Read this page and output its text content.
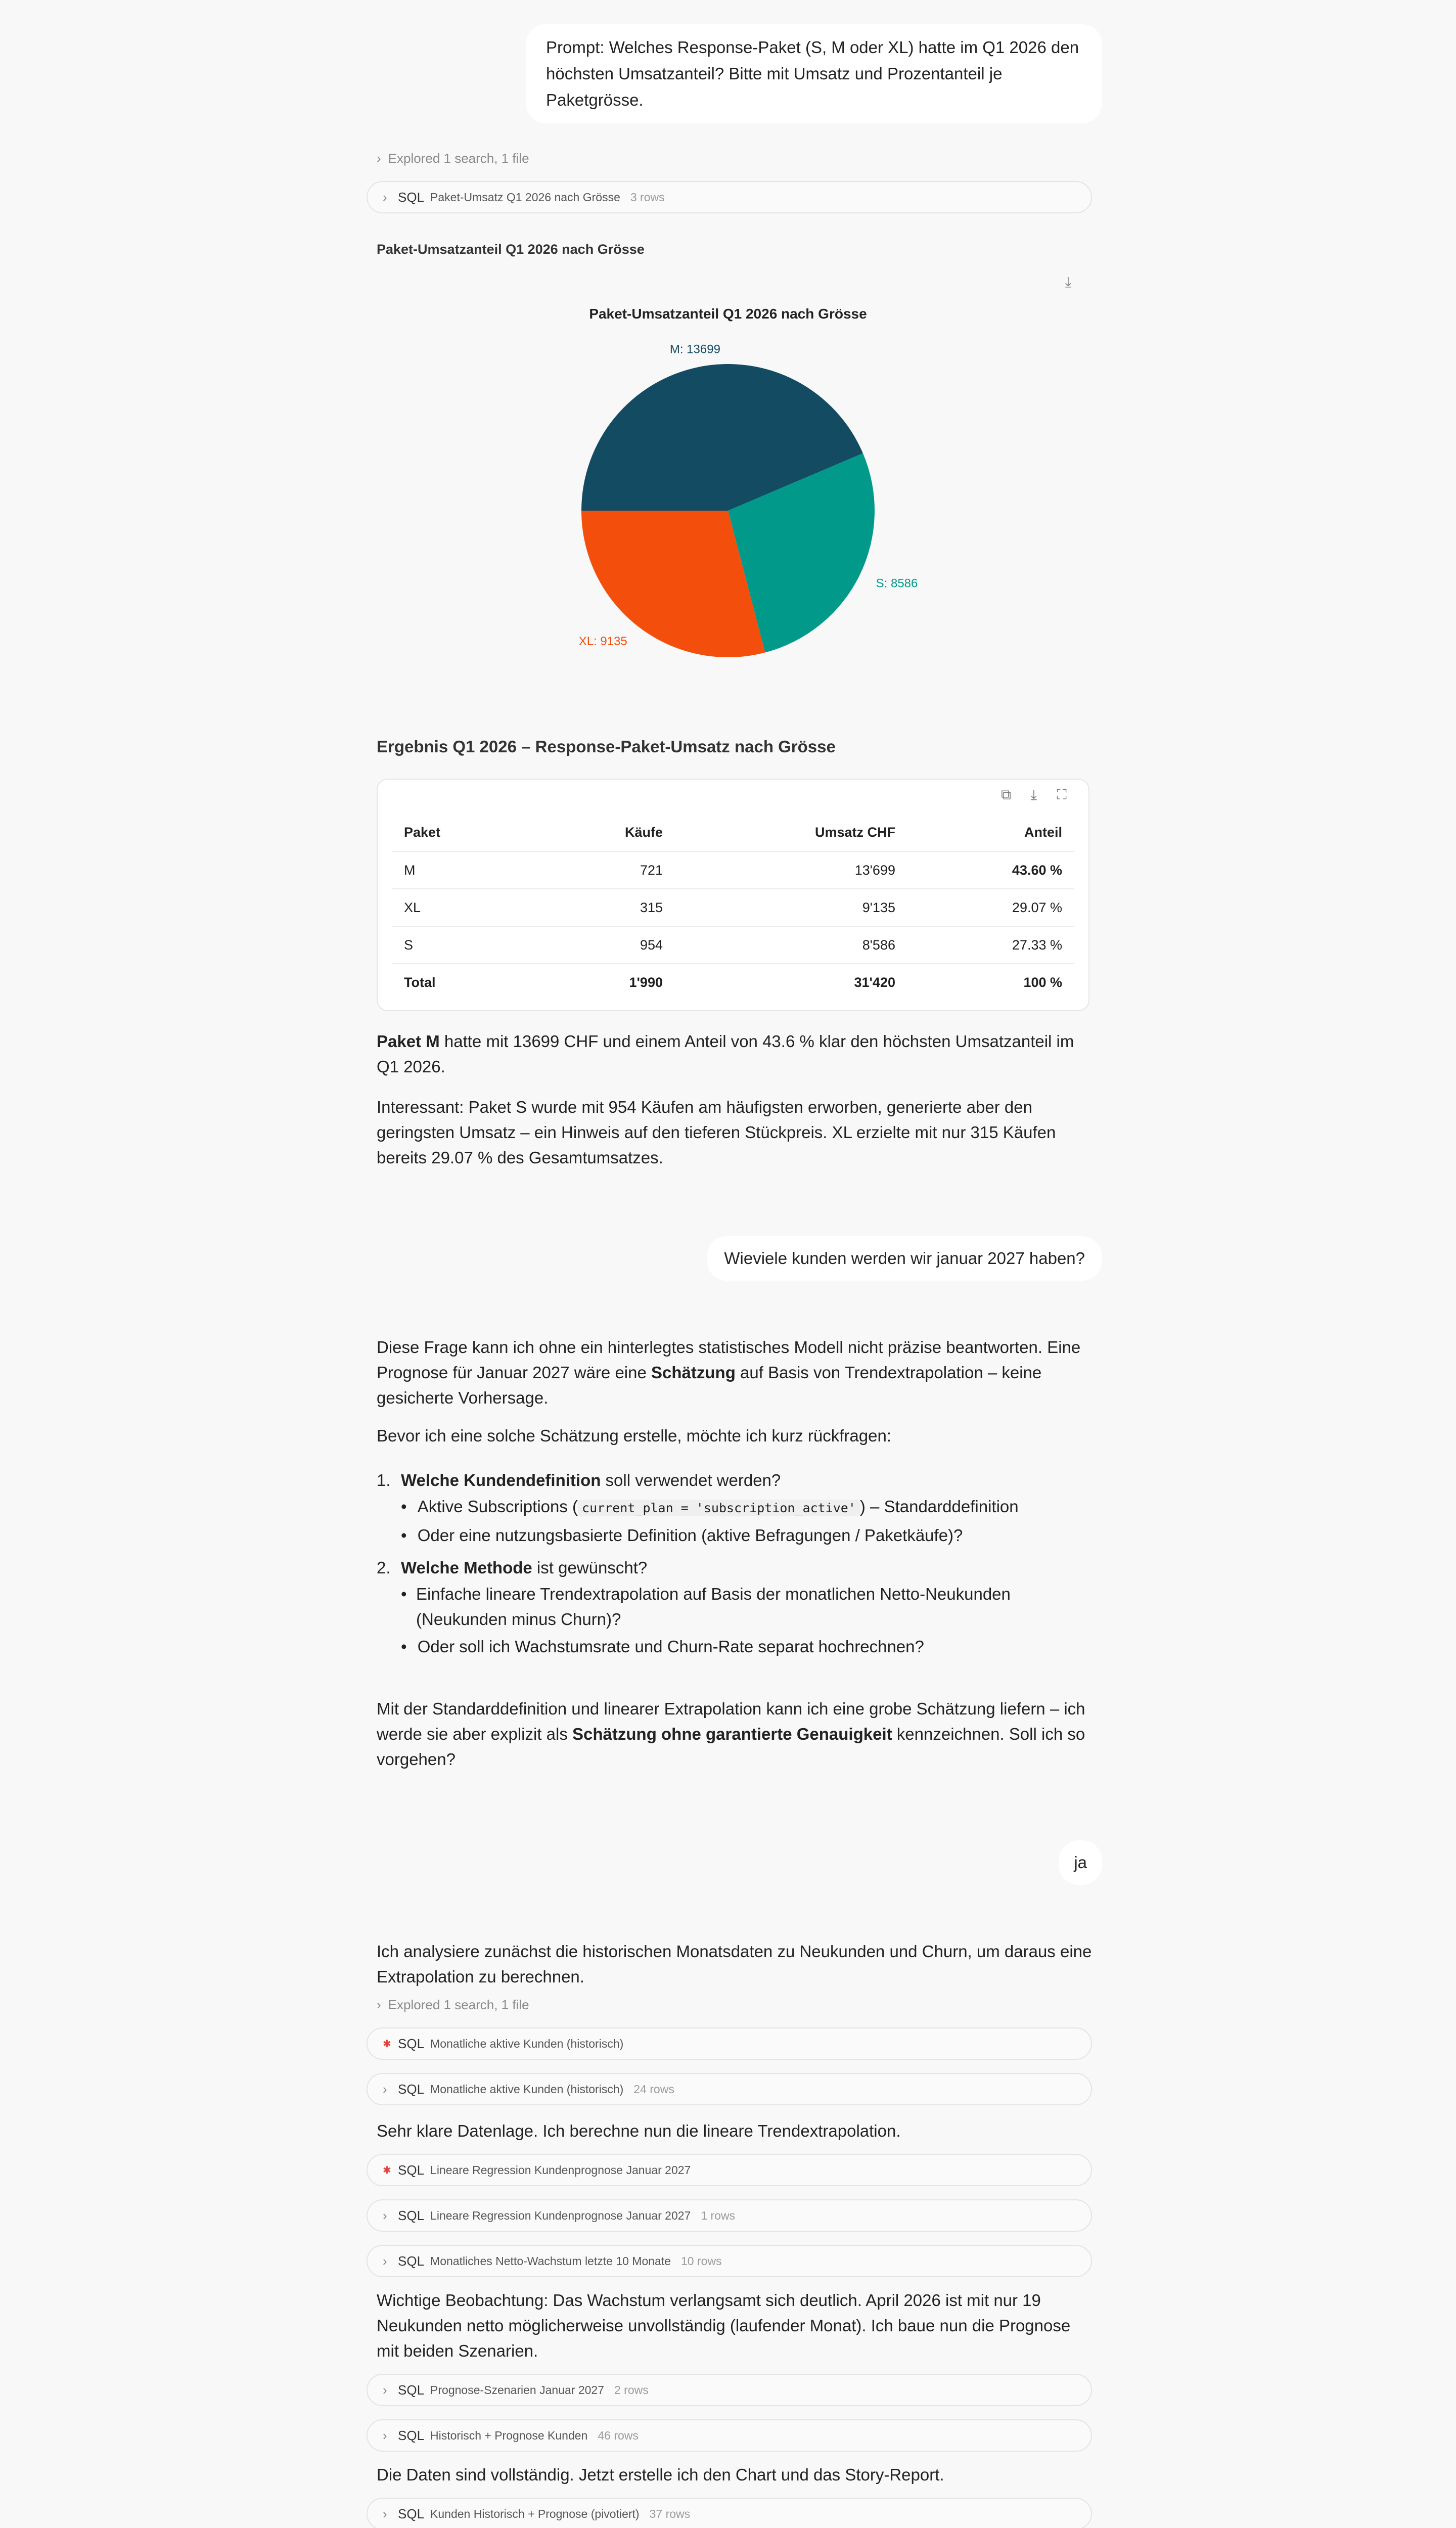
Prompt: Welches Response-Paket (S, M oder XL) hatte im Q1 2026 den höchsten Umsatzanteil? Bitte mit Umsatz und Prozentanteil je Paketgrösse.
› Explored 1 search, 1 file
› SQL Paket-Umsatz Q1 2026 nach Grösse 3 rows
Paket-Umsatzanteil Q1 2026 nach Grösse
⤓
Paket-Umsatzanteil Q1 2026 nach Grösse
M: 13699
S: 8586
XL: 9135
Ergebnis Q1 2026 – Response-Paket-Umsatz nach Grösse
⧉	⤓	⛶
Paket	Käufe	Umsatz CHF	Anteil
M	721	13'699	43.60 %
XL	315	9'135	29.07 %
S	954	8'586	27.33 %
Total	1'990	31'420	100 %
Paket M hatte mit 13699 CHF und einem Anteil von 43.6 % klar den höchsten Umsatzanteil im Q1 2026.
Interessant: Paket S wurde mit 954 Käufen am häufigsten erworben, generierte aber den geringsten Umsatz – ein Hinweis auf den tieferen Stückpreis. XL erzielte mit nur 315 Käufen bereits 29.07 % des Gesamtumsatzes.
Wieviele kunden werden wir januar 2027 haben?
Diese Frage kann ich ohne ein hinterlegtes statistisches Modell nicht präzise beantworten. Eine Prognose für Januar 2027 wäre eine Schätzung auf Basis von Trendextrapolation – keine gesicherte Vorhersage.
Bevor ich eine solche Schätzung erstelle, möchte ich kurz rückfragen:
1. Welche Kundendefinition soll verwendet werden?
• Aktive Subscriptions ( current_plan = 'subscription_active' ) – Standarddefinition
• Oder eine nutzungsbasierte Definition (aktive Befragungen / Paketkäufe)?
2. Welche Methode ist gewünscht?
• Einfache lineare Trendextrapolation auf Basis der monatlichen Netto-Neukunden (Neukunden minus Churn)?
• Oder soll ich Wachstumsrate und Churn-Rate separat hochrechnen?
Mit der Standarddefinition und linearer Extrapolation kann ich eine grobe Schätzung liefern – ich werde sie aber explizit als Schätzung ohne garantierte Genauigkeit kennzeichnen. Soll ich so vorgehen?
ja
Ich analysiere zunächst die historischen Monatsdaten zu Neukunden und Churn, um daraus eine Extrapolation zu berechnen.
› Explored 1 search, 1 file
✱ SQL Monatliche aktive Kunden (historisch)
› SQL Monatliche aktive Kunden (historisch) 24 rows
Sehr klare Datenlage. Ich berechne nun die lineare Trendextrapolation.
✱ SQL Lineare Regression Kundenprognose Januar 2027
› SQL Lineare Regression Kundenprognose Januar 2027 1 rows
› SQL Monatliches Netto-Wachstum letzte 10 Monate 10 rows
Wichtige Beobachtung: Das Wachstum verlangsamt sich deutlich. April 2026 ist mit nur 19 Neukunden netto möglicherweise unvollständig (laufender Monat). Ich baue nun die Prognose mit beiden Szenarien.
› SQL Prognose-Szenarien Januar 2027 2 rows
› SQL Historisch + Prognose Kunden 46 rows
Die Daten sind vollständig. Jetzt erstelle ich den Chart und das Story-Report.
› SQL Kunden Historisch + Prognose (pivotiert) 37 rows
